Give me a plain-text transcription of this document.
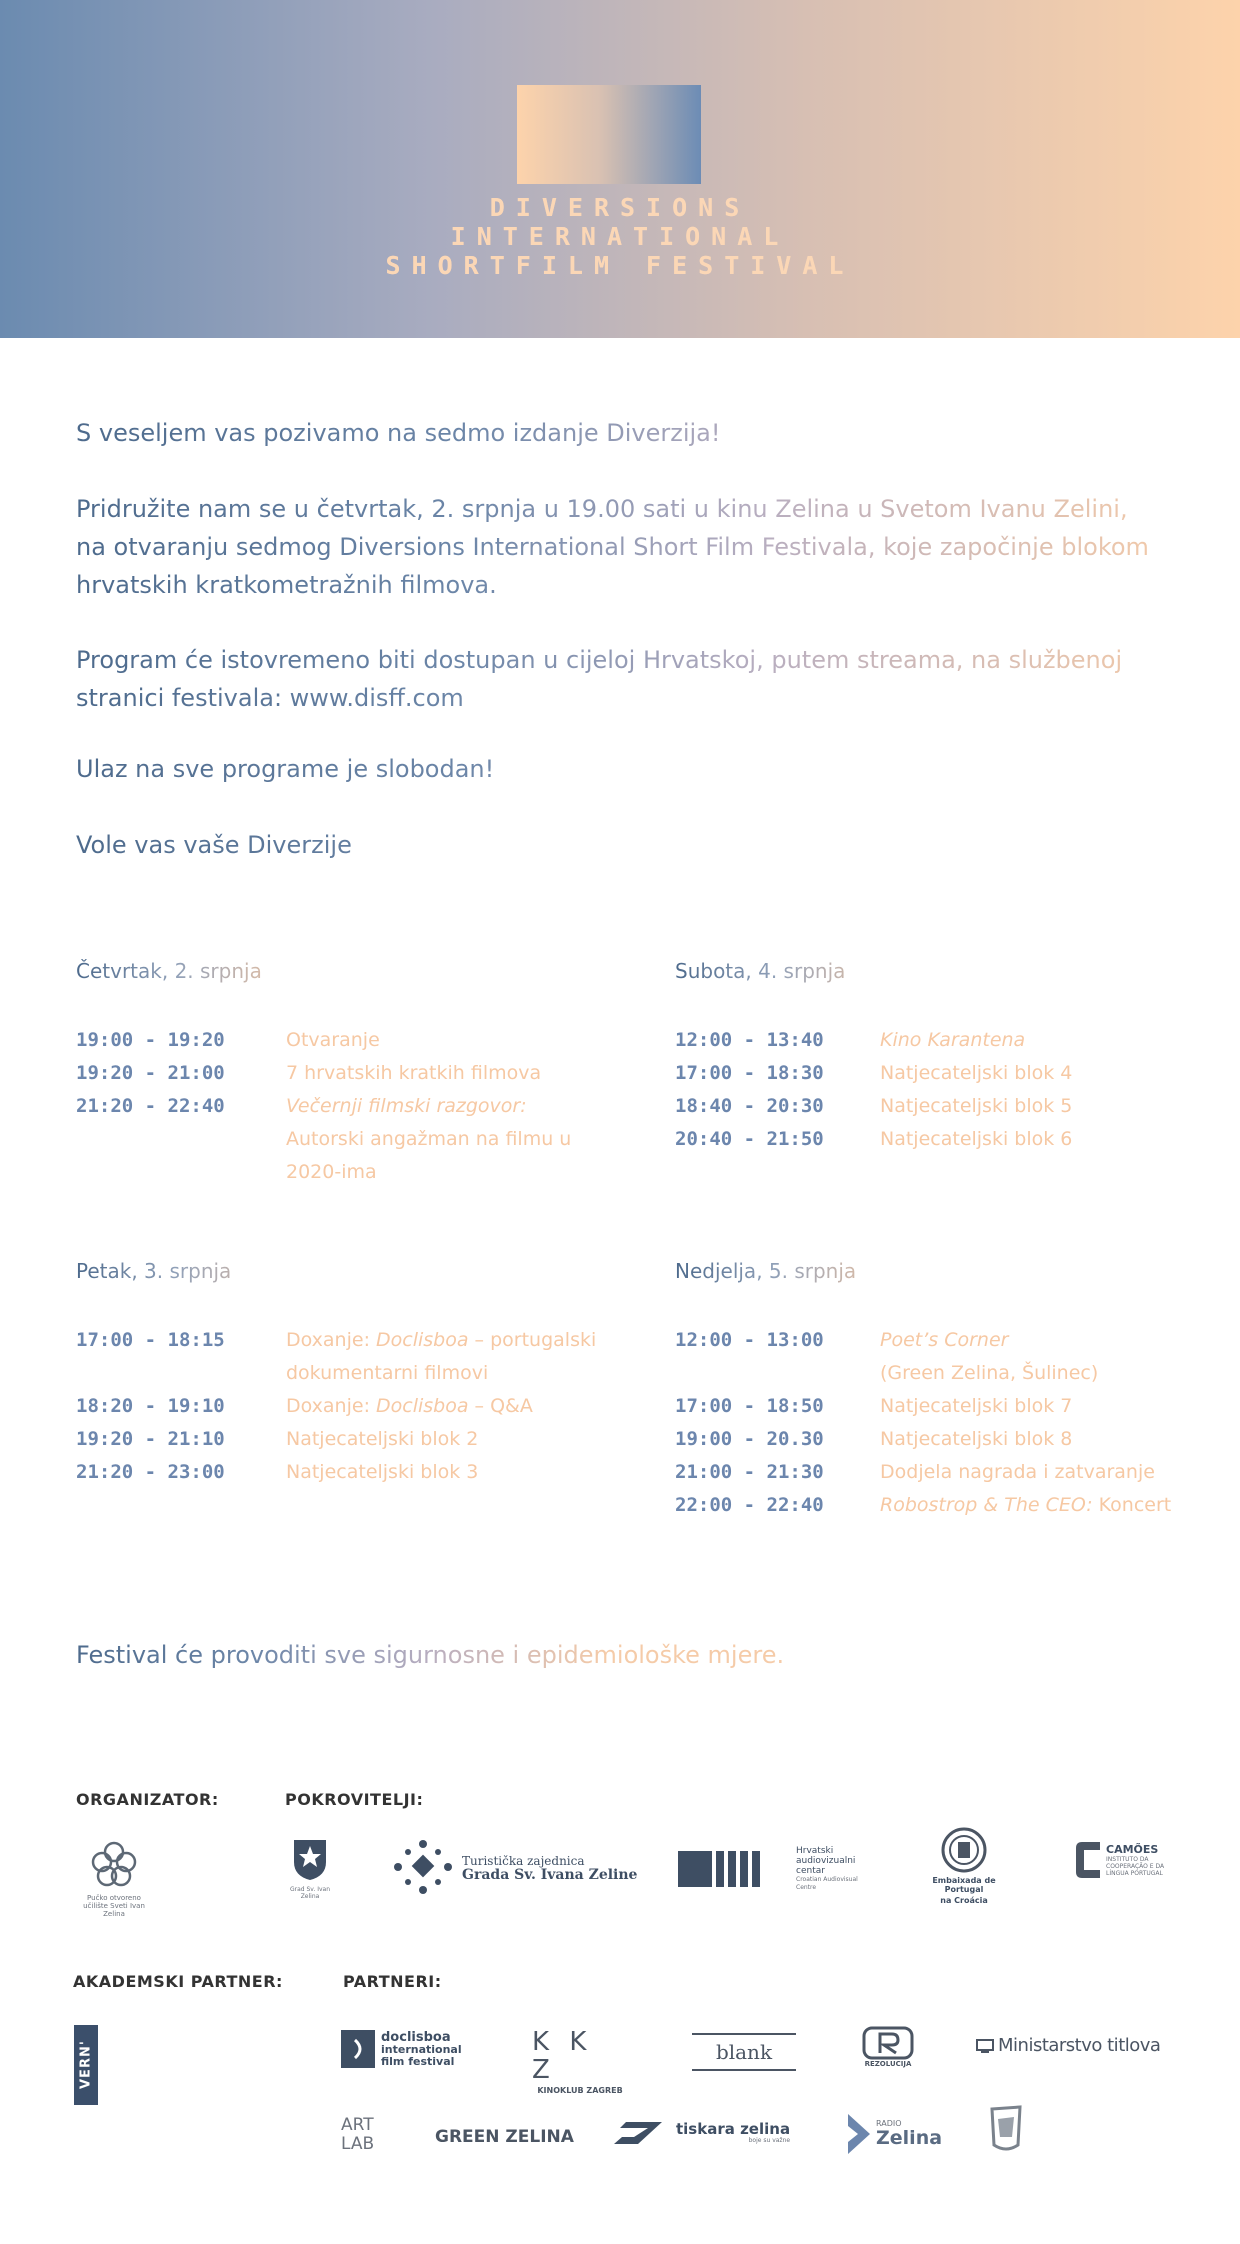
DIVERSIONS
INTERNATIONAL
SHORTFILM FESTIVAL
S veseljem vas pozivamo na sedmo izdanje Diverzija!
Pridružite nam se u četvrtak, 2. srpnja u 19.00 sati u kinu Zelina u Svetom Ivanu Zelini,
na otvaranju sedmog Diversions International Short Film Festivala, koje započinje blokom
hrvatskih kratkometražnih filmova.
Program će istovremeno biti dostupan u cijeloj Hrvatskoj, putem streama, na službenoj
stranici festivala: www.disff.com
Ulaz na sve programe je slobodan!
Vole vas vaše Diverzije
Četvrtak, 2. srpnja
19:00 - 19:20	Otvaranje
19:20 - 21:00	7 hrvatskih kratkih filmova
21:20 - 22:40	Večernji filmski razgovor:
Autorski angažman na filmu u 2020-ima
Subota, 4. srpnja
12:00 - 13:40	Kino Karantena
17:00 - 18:30	Natjecateljski blok 4
18:40 - 20:30	Natjecateljski blok 5
20:40 - 21:50	Natjecateljski blok 6
Petak, 3. srpnja
17:00 - 18:15	Doxanje: Doclisboa – portugalski dokumentarni filmovi
18:20 - 19:10	Doxanje: Doclisboa – Q&A
19:20 - 21:10	Natjecateljski blok 2
21:20 - 23:00	Natjecateljski blok 3
Nedjelja, 5. srpnja
12:00 - 13:00	Poet’s Corner
(Green Zelina, Šulinec)
17:00 - 18:50	Natjecateljski blok 7
19:00 - 20.30	Natjecateljski blok 8
21:00 - 21:30	Dodjela nagrada i zatvaranje
22:00 - 22:40	Robostrop & The CEO: Koncert
Festival će provoditi sve sigurnosne i epidemiološke mjere.
ORGANIZATOR:	POKROVITELJI:
Pučko otvoreno učilište Sveti Ivan Zelina
Grad Sv. Ivan Zelina
Turistička zajednica
Grada Sv. Ivana Zeline
Hrvatski audiovizualni centar
Croatian Audiovisual Centre
Embaixada de Portugal
na Croácia
CAMÕES
INSTITUTO DA COOPERAÇÃO E DA LÍNGUA PORTUGAL
AKADEMSKI PARTNER:	PARTNERI:
VERN'
doclisboa
international film festival
K K Z
KINOKLUB ZAGREB
blank	REZOLUCIJA
Ministarstvo titlova
ART LAB	GREEN ZELINA	tiskara zelina
boje su važne
RADIO
Zelina
